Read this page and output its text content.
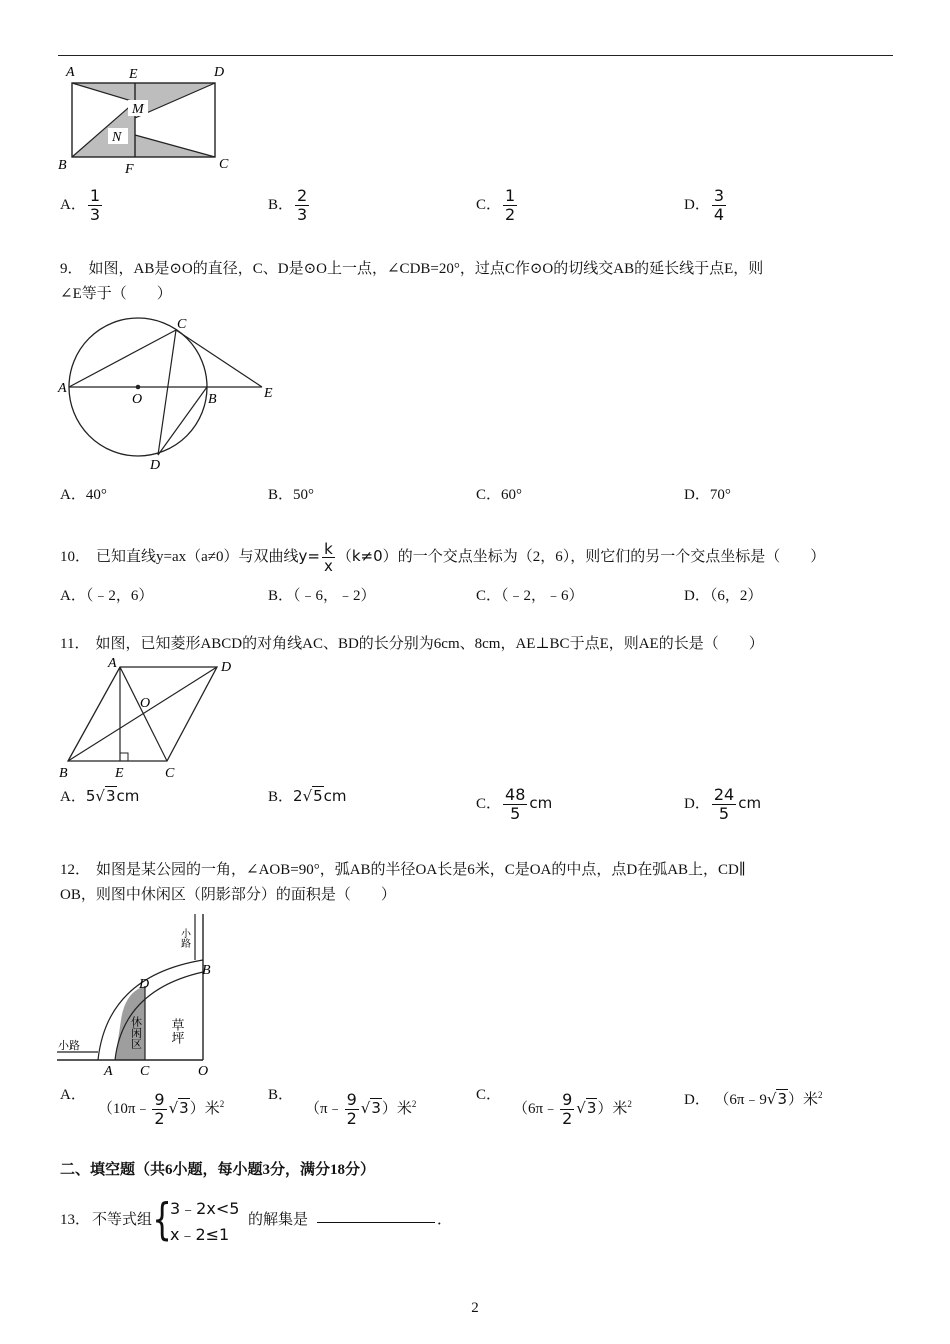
A	E	D
M
N
B	F	C
A． $\frac{1}{3}$	B． $\frac{2}{3}$	C． $\frac{1}{2}$	D． $\frac{3}{4}$
9． 如图，AB是⊙O的直径，C、D是⊙O上一点，∠CDB=20°，过点C作⊙O的切线交AB的延长线于点E，则
∠E等于（　　）
C
A
O	B	E
D
A．40°	B．50°	C．60°	D．70°
10． 已知直线y=ax（a≠0）与双曲线$y= \frac{k}{x} (k\ne 0)$的一个交点坐标为（2，6），则它们的另一个交点坐标是（　　）
A．（﹣2，6）	B．（﹣6，﹣2）	C．（﹣2，﹣6）	D．（6，2）
11． 如图，已知菱形ABCD的对角线AC、BD的长分别为6cm、8cm，AE⊥BC于点E，则AE的长是（　　）
A	D
O
B	E	C
A．5√3cm	B．2√5cm	C． $\frac{48}{5}$ cm	D． $\frac{24}{5}$ cm
12． 如图是某公园的一角，∠AOB=90°，弧AB的半径OA长是6米，C是OA的中点，点D在弧AB上，CD∥
OB，则图中休闲区（阴影部分）的面积是（　　）
小路
小路	休闲区 草坪
B
D
A C	O
A．（10π﹣ $\frac{9}{2} √3$）米$^2$
B．（π﹣ $\frac{9}{2} √3$）米$^2$
C．（6π﹣ $\frac{9}{2} √3$）米$^2$	D． （6π﹣9√3）米$^2$
二、填空题（共6小题，每小题3分，满分18分）
13． 不等式组 {
3﹣2x<5
x﹣2≤1
的解集是	．
2
